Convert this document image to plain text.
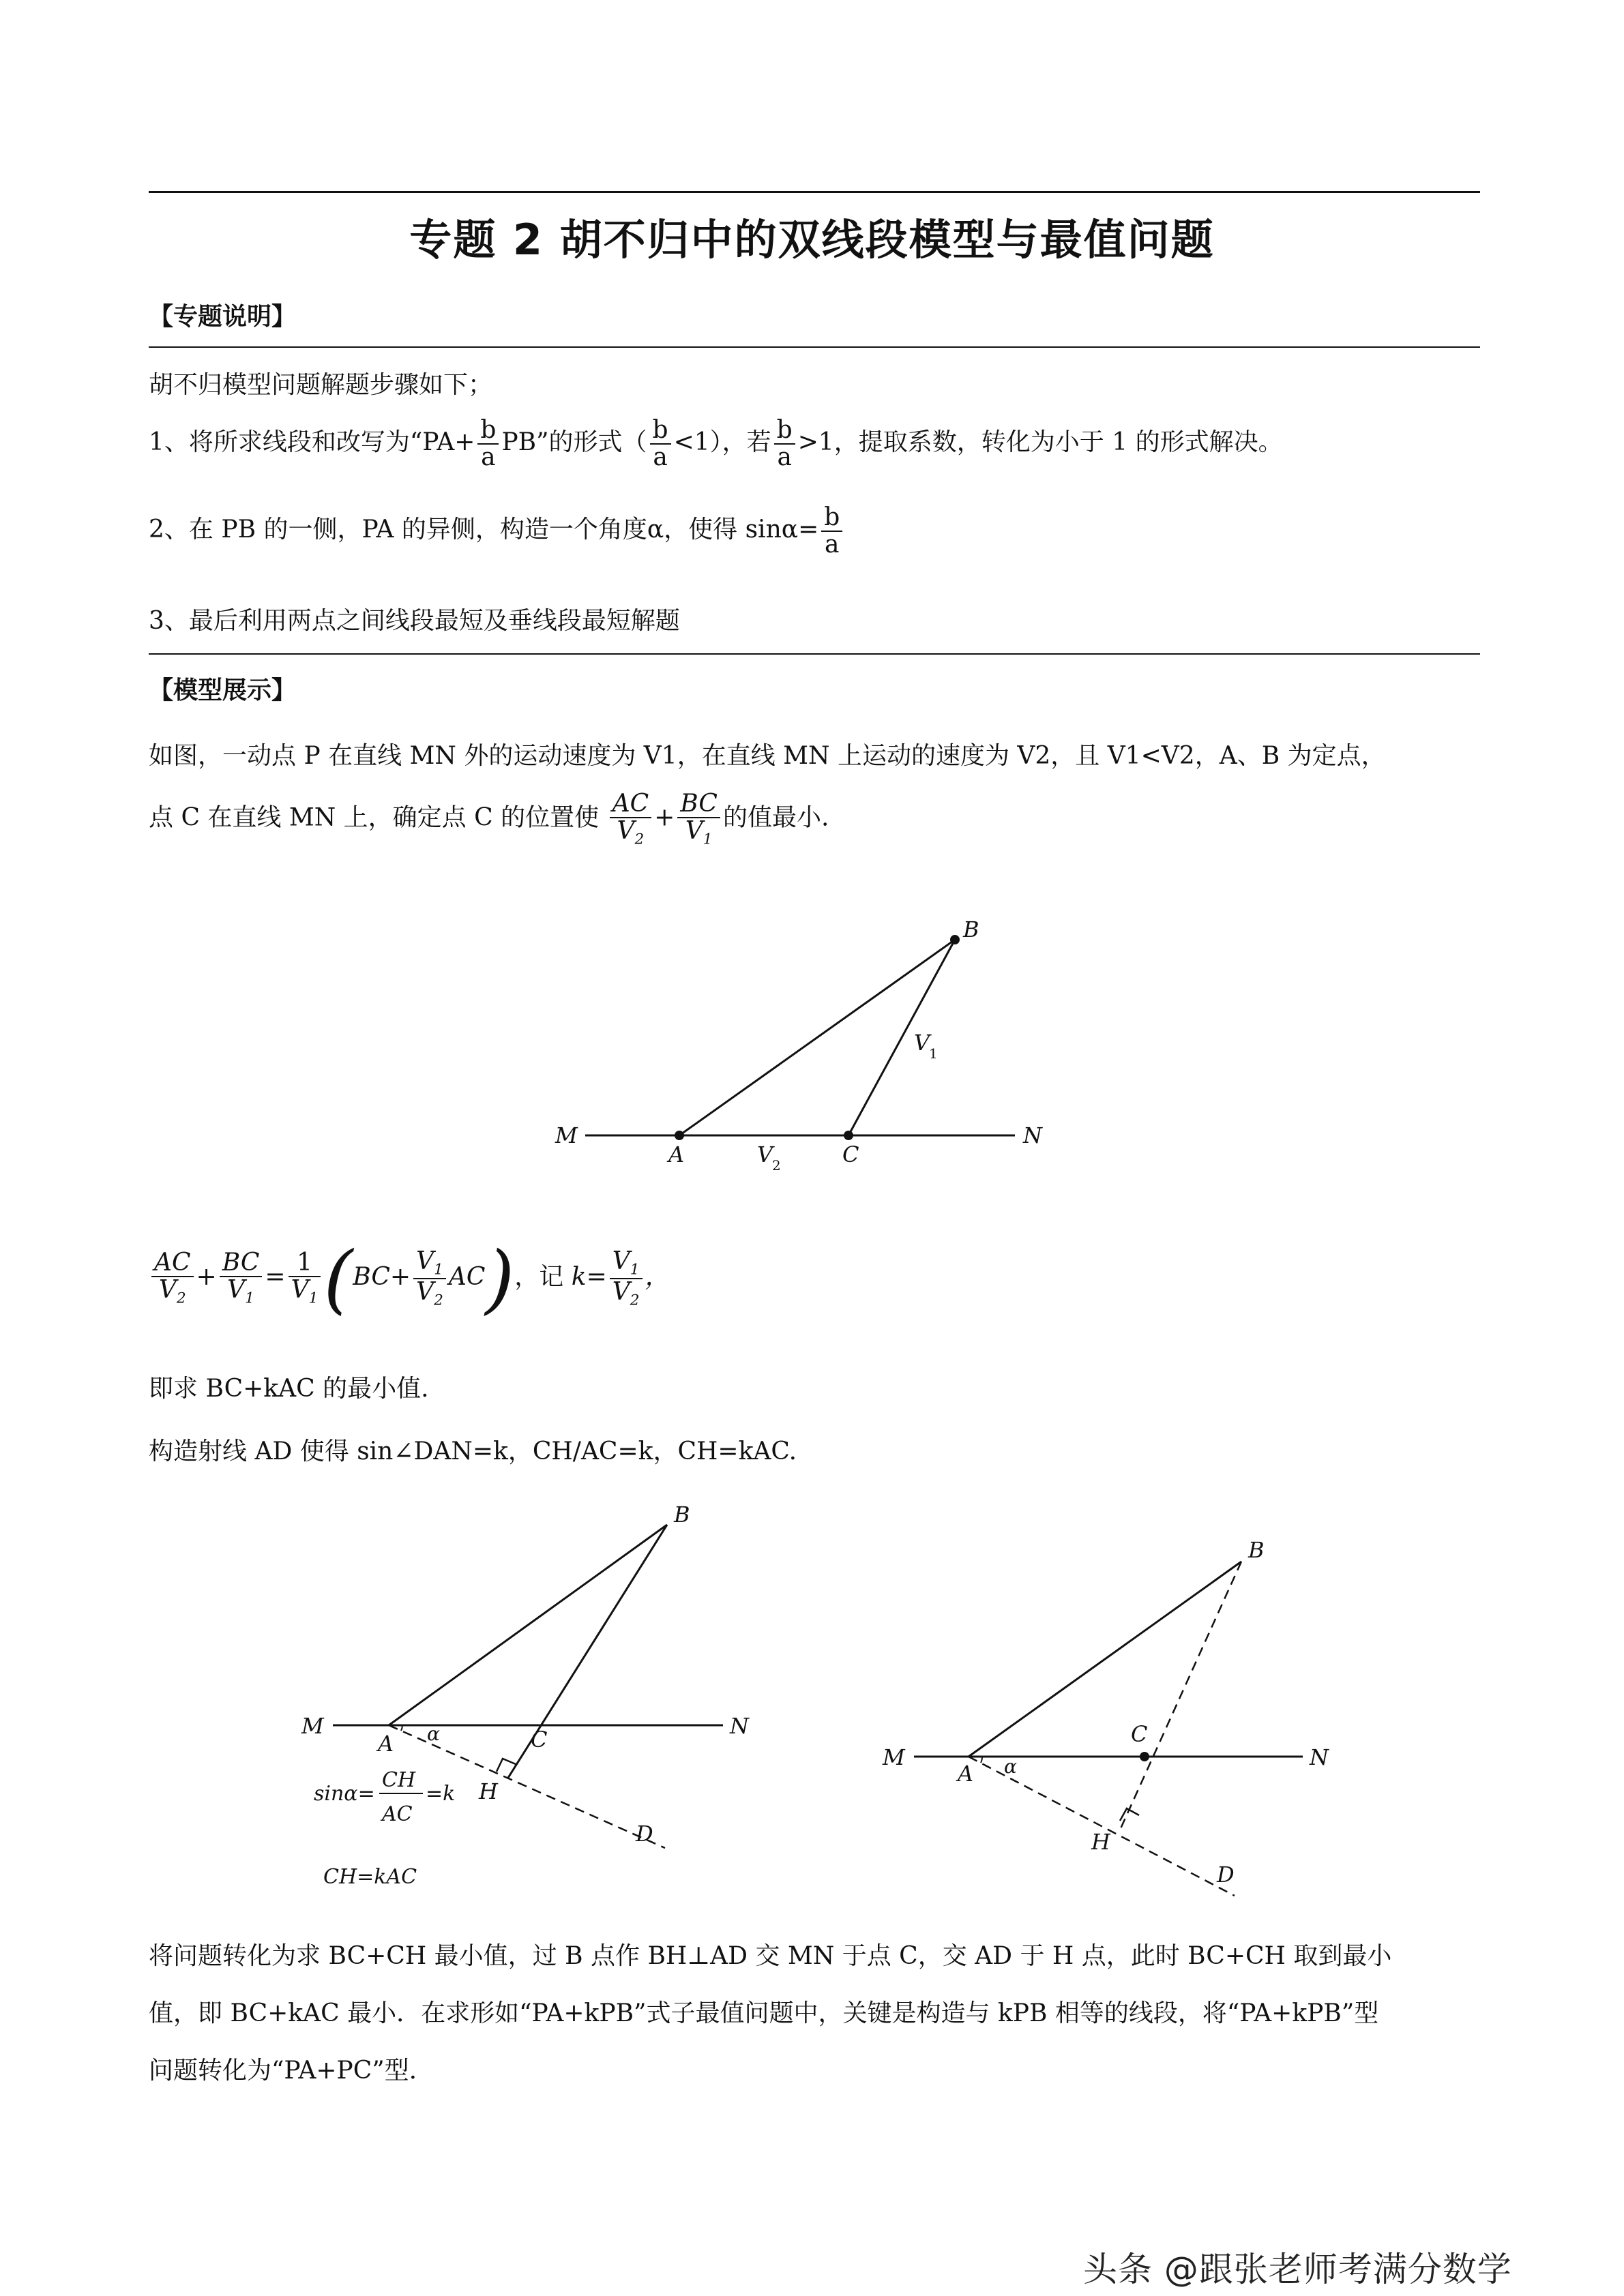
专题 2 胡不归中的双线段模型与最值问题
【专题说明】
胡不归模型问题解题步骤如下；
1、将所求线段和改写为“$PA+ \frac{b}{a}$ PB”的形式（ $\frac{b}{a} <1$），若 $\frac{b}{a} >1$，提取系数，转化为小于 1 的形式解决。
2、在 PB 的一侧，PA 的异侧，构造一个角度α，使得 $\sin\alpha= \frac{b}{a}$
3、最后利用两点之间线段最短及垂线段最短解题
【模型展示】
如图，一动点 P 在直线 MN 外的运动速度为 V1，在直线 MN 上运动的速度为 V2，且 V1<V2，A、B 为定点，
点 C 在直线 MN 上，确定点 C 的位置使 $\frac{AC}{V_2} + \frac{BC}{V_1}$ 的值最小.
B
M	N
A	C
V
1
V
2
$\frac{AC}{V_2} + \frac{BC}{V_1} = \frac{1}{V_1} (BC+ \frac{V_1}{V_2} AC)$，记 $k= \frac{V_1}{V_2}$ ，
即求 BC+kAC 的最小值.
构造射线 AD 使得 sin∠DAN=k，CH/AC=k，CH=kAC.
B
M	N
A α	C
H
D
sinα=
CH
AC
=k
CH=kAC
B
M	N
A α
C
H
D
将问题转化为求 BC+CH 最小值，过 B 点作 BH⊥AD 交 MN 于点 C，交 AD 于 H 点，此时 BC+CH 取到最小
值，即 BC+kAC 最小．在求形如“PA+kPB”式子最值问题中，关键是构造与 kPB 相等的线段，将“PA+kPB”型
问题转化为“PA+PC”型.
头条 @跟张老师考满分数学
